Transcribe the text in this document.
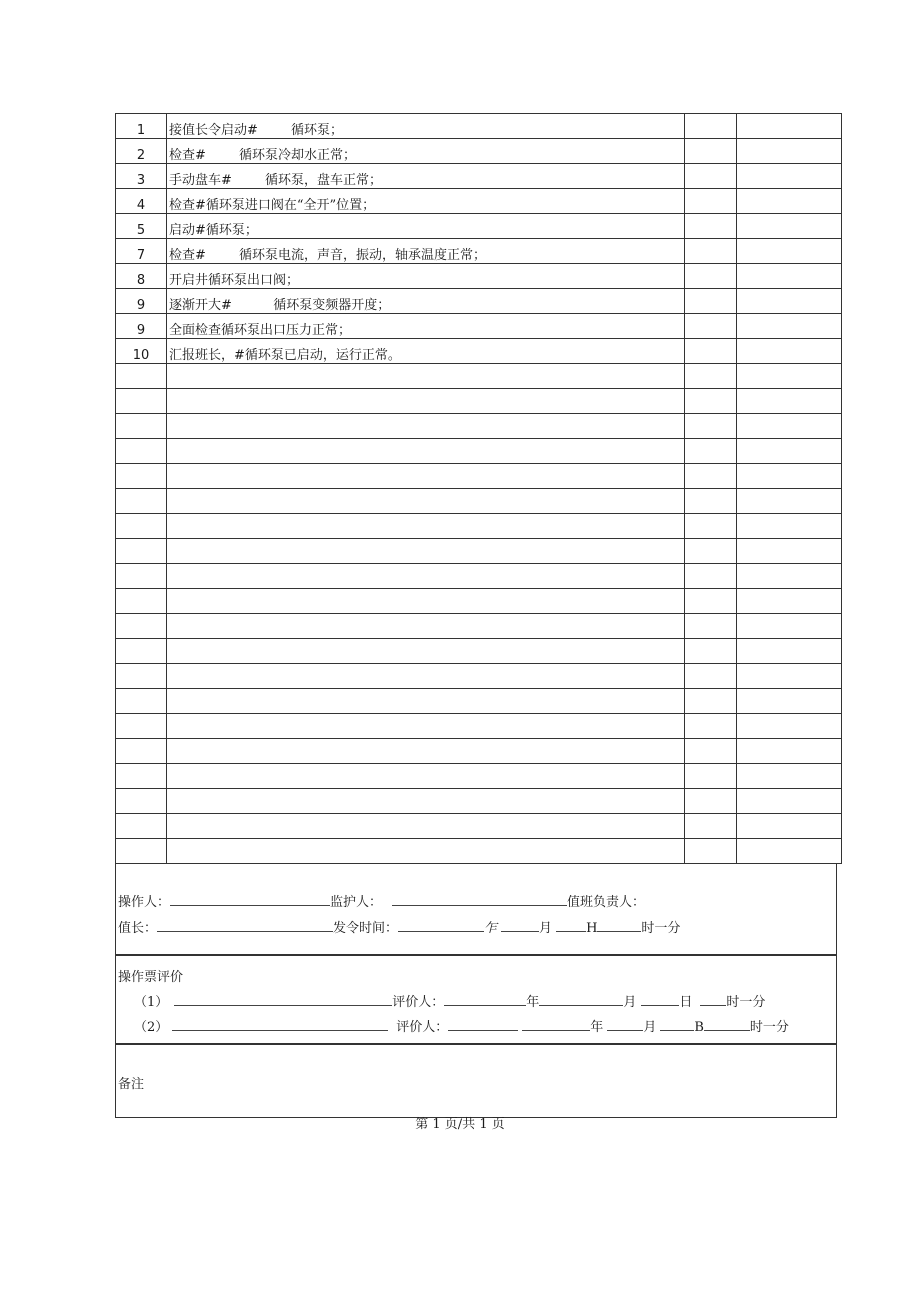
1	接值长令启动#        循环泵；		
2	检查#        循环泵冷却水正常；		
3	手动盘车#        循环泵，盘车正常；		
4	检查#循环泵进口阀在“全开”位置；		
5	启动#循环泵；		
7	检查#        循环泵电流，声音，振动，轴承温度正常；		
8	开启井循环泵出口阀；		
9	逐渐开大#          循环泵变频器开度；		
9	全面检查循环泵出口压力正常；		
10	汇报班长，#循环泵已启动，运行正常。		

操作人：	监护人：	值班负责人：
值长：	发令时间：	乍	月	H	时一分
操作票评价
（1）	评价人：	年	月	日	时一分
（2）	评价人：	年	月	B	时一分
备注
第 1 页/共 1 页
